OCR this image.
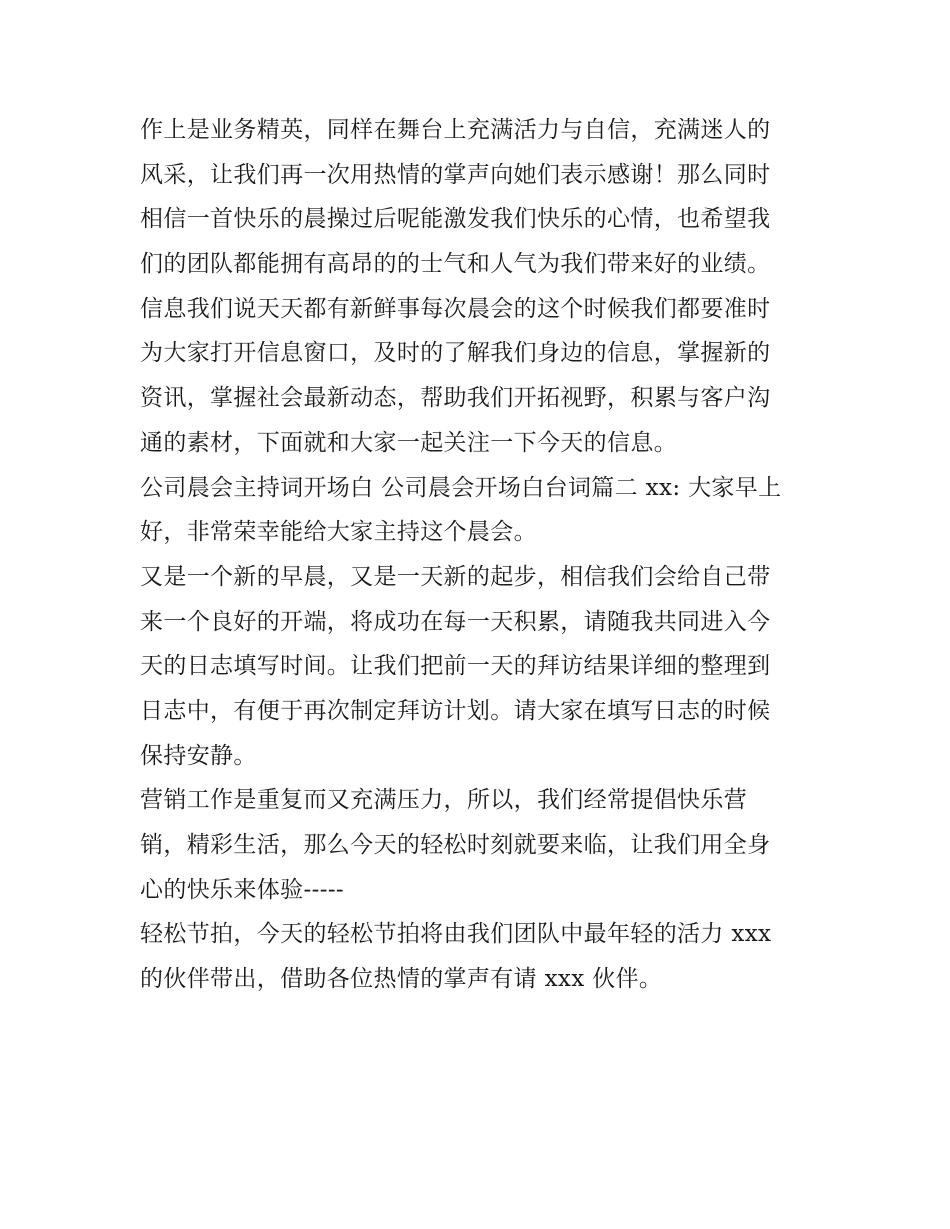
作上是业务精英，同样在舞台上充满活力与自信，充满迷人的
风采，让我们再一次用热情的掌声向她们表示感谢！那么同时
相信一首快乐的晨操过后呢能激发我们快乐的心情，也希望我
们的团队都能拥有高昂的的士气和人气为我们带来好的业绩。
信息我们说天天都有新鲜事每次晨会的这个时候我们都要准时
为大家打开信息窗口，及时的了解我们身边的信息，掌握新的
资讯，掌握社会最新动态，帮助我们开拓视野，积累与客户沟
通的素材，下面就和大家一起关注一下今天的信息。
公司晨会主持词开场白 公司晨会开场白台词篇二 xx: 大家早上
好，非常荣幸能给大家主持这个晨会。
又是一个新的早晨，又是一天新的起步，相信我们会给自己带
来一个良好的开端，将成功在每一天积累，请随我共同进入今
天的日志填写时间。让我们把前一天的拜访结果详细的整理到
日志中，有便于再次制定拜访计划。请大家在填写日志的时候
保持安静。
营销工作是重复而又充满压力，所以，我们经常提倡快乐营
销，精彩生活，那么今天的轻松时刻就要来临，让我们用全身
心的快乐来体验-----
轻松节拍，今天的轻松节拍将由我们团队中最年轻的活力 xxx
的伙伴带出，借助各位热情的掌声有请 xxx 伙伴。
